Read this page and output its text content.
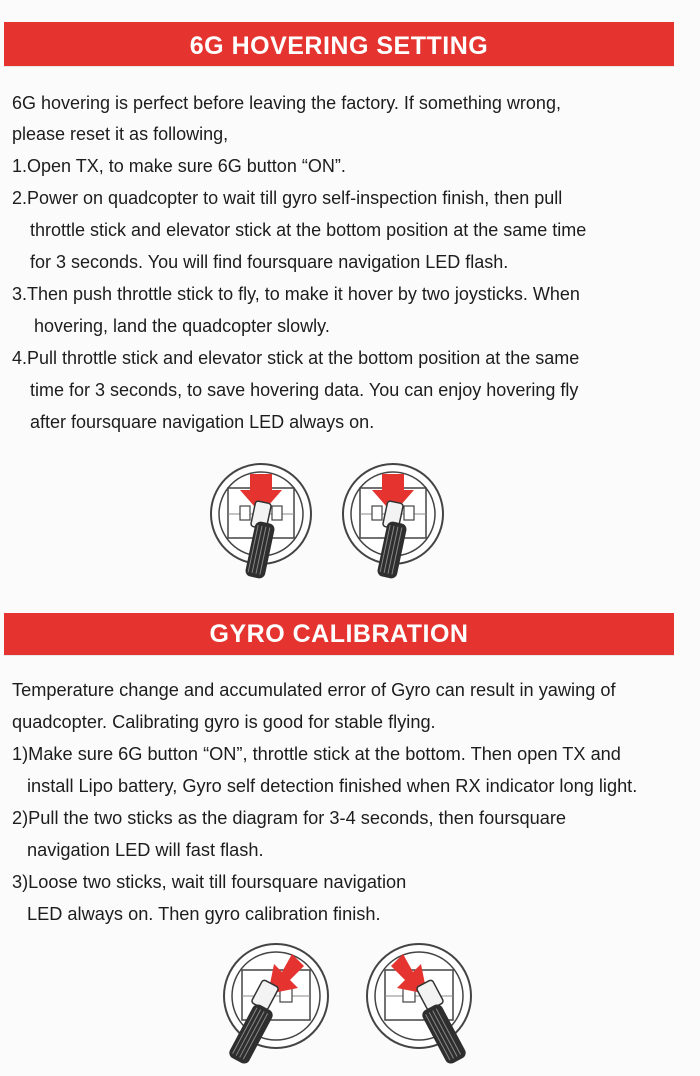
6G HOVERING SETTING

6G hovering is perfect before leaving the factory. If something wrong,

please reset it as following,

1.Open TX, to make sure 6G button “ON”.

2.Power on quadcopter to wait till gyro self-inspection finish, then pull

throttle stick and elevator stick at the bottom position at the same time

for 3 seconds. You will find foursquare navigation LED flash.

3.Then push throttle stick to fly, to make it hover by two joysticks. When

hovering, land the quadcopter slowly.

4.Pull throttle stick and elevator stick at the bottom position at the same

time for 3 seconds, to save hovering data. You can enjoy hovering fly

after foursquare navigation LED always on.

GYRO CALIBRATION

Temperature change and accumulated error of Gyro can result in yawing of

quadcopter. Calibrating gyro is good for stable flying.

1)Make sure 6G button “ON”, throttle stick at the bottom. Then open TX and

install Lipo battery, Gyro self detection finished when RX indicator long light.

2)Pull the two sticks as the diagram for 3-4 seconds, then foursquare

navigation LED will fast flash.

3)Loose two sticks, wait till foursquare navigation

LED always on. Then gyro calibration finish.
